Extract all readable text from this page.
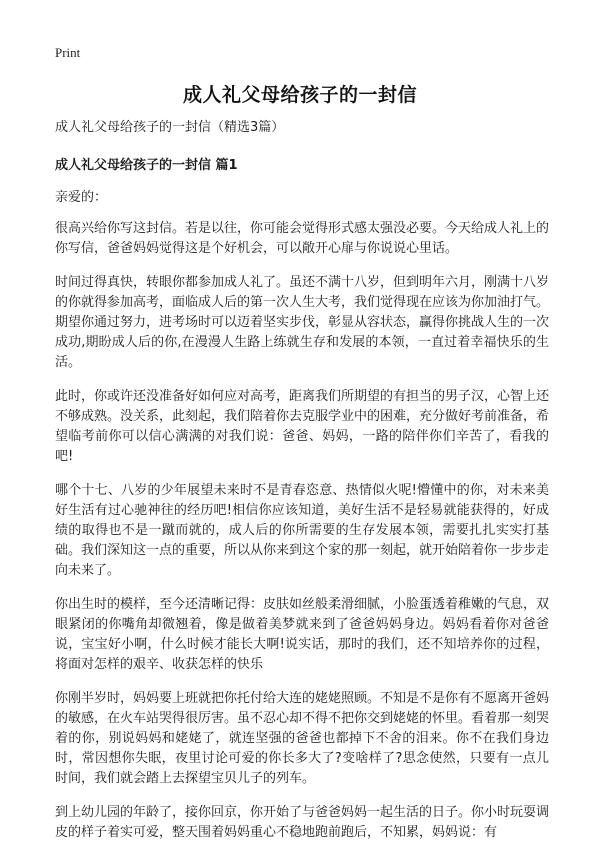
Print
成人礼父母给孩子的一封信

成人礼父母给孩子的一封信（精选3篇）

成人礼父母给孩子的一封信 篇1

亲爱的：

很高兴给你写这封信。若是以往，你可能会觉得形式感太强没必要。今天给成人礼上的你写信，爸爸妈妈觉得这是个好机会，可以敞开心扉与你说说心里话。

时间过得真快，转眼你都参加成人礼了。虽还不满十八岁，但到明年六月，刚满十八岁的你就得参加高考，面临成人后的第一次人生大考，我们觉得现在应该为你加油打气。期望你通过努力，进考场时可以迈着坚实步伐，彰显从容状态，赢得你挑战人生的一次成功,期盼成人后的你,在漫漫人生路上练就生存和发展的本领，一直过着幸福快乐的生活。

此时，你或许还没准备好如何应对高考，距离我们所期望的有担当的男子汉，心智上还不够成熟。没关系，此刻起，我们陪着你去克服学业中的困难，充分做好考前准备，希望临考前你可以信心满满的对我们说：爸爸、妈妈，一路的陪伴你们辛苦了，看我的吧!

哪个十七、八岁的少年展望未来时不是青春恣意、热情似火呢!懵懂中的你，对未来美好生活有过心驰神往的经历吧!相信你应该知道，美好生活不是轻易就能获得的，好成绩的取得也不是一蹴而就的，成人后的你所需要的生存发展本领，需要扎扎实实打基础。我们深知这一点的重要，所以从你来到这个家的那一刻起，就开始陪着你一步步走向未来了。

你出生时的模样，至今还清晰记得：皮肤如丝般柔滑细腻，小脸蛋透着稚嫩的气息，双眼紧闭的你嘴角却微翘着，像是做着美梦就来到了爸爸妈妈身边。妈妈看着你对爸爸说，宝宝好小啊，什么时候才能长大啊!说实话，那时的我们，还不知培养你的过程，将面对怎样的艰辛、收获怎样的快乐

你刚半岁时，妈妈要上班就把你托付给大连的姥姥照顾。不知是不是你有不愿离开爸妈的敏感，在火车站哭得很厉害。虽不忍心却不得不把你交到姥姥的怀里。看着那一刻哭着的你，别说妈妈和姥姥了，就连坚强的爸爸也都掉下不舍的泪来。你不在我们身边时，常因想你失眠，夜里讨论可爱的你长多大了?变啥样了?思念使然，只要有一点儿时间，我们就会踏上去探望宝贝儿子的列车。

到上幼儿园的年龄了，接你回京，你开始了与爸爸妈妈一起生活的日子。你小时玩耍调皮的样子着实可爱，整天围着妈妈重心不稳地跑前跑后，不知累，妈妈说：有
